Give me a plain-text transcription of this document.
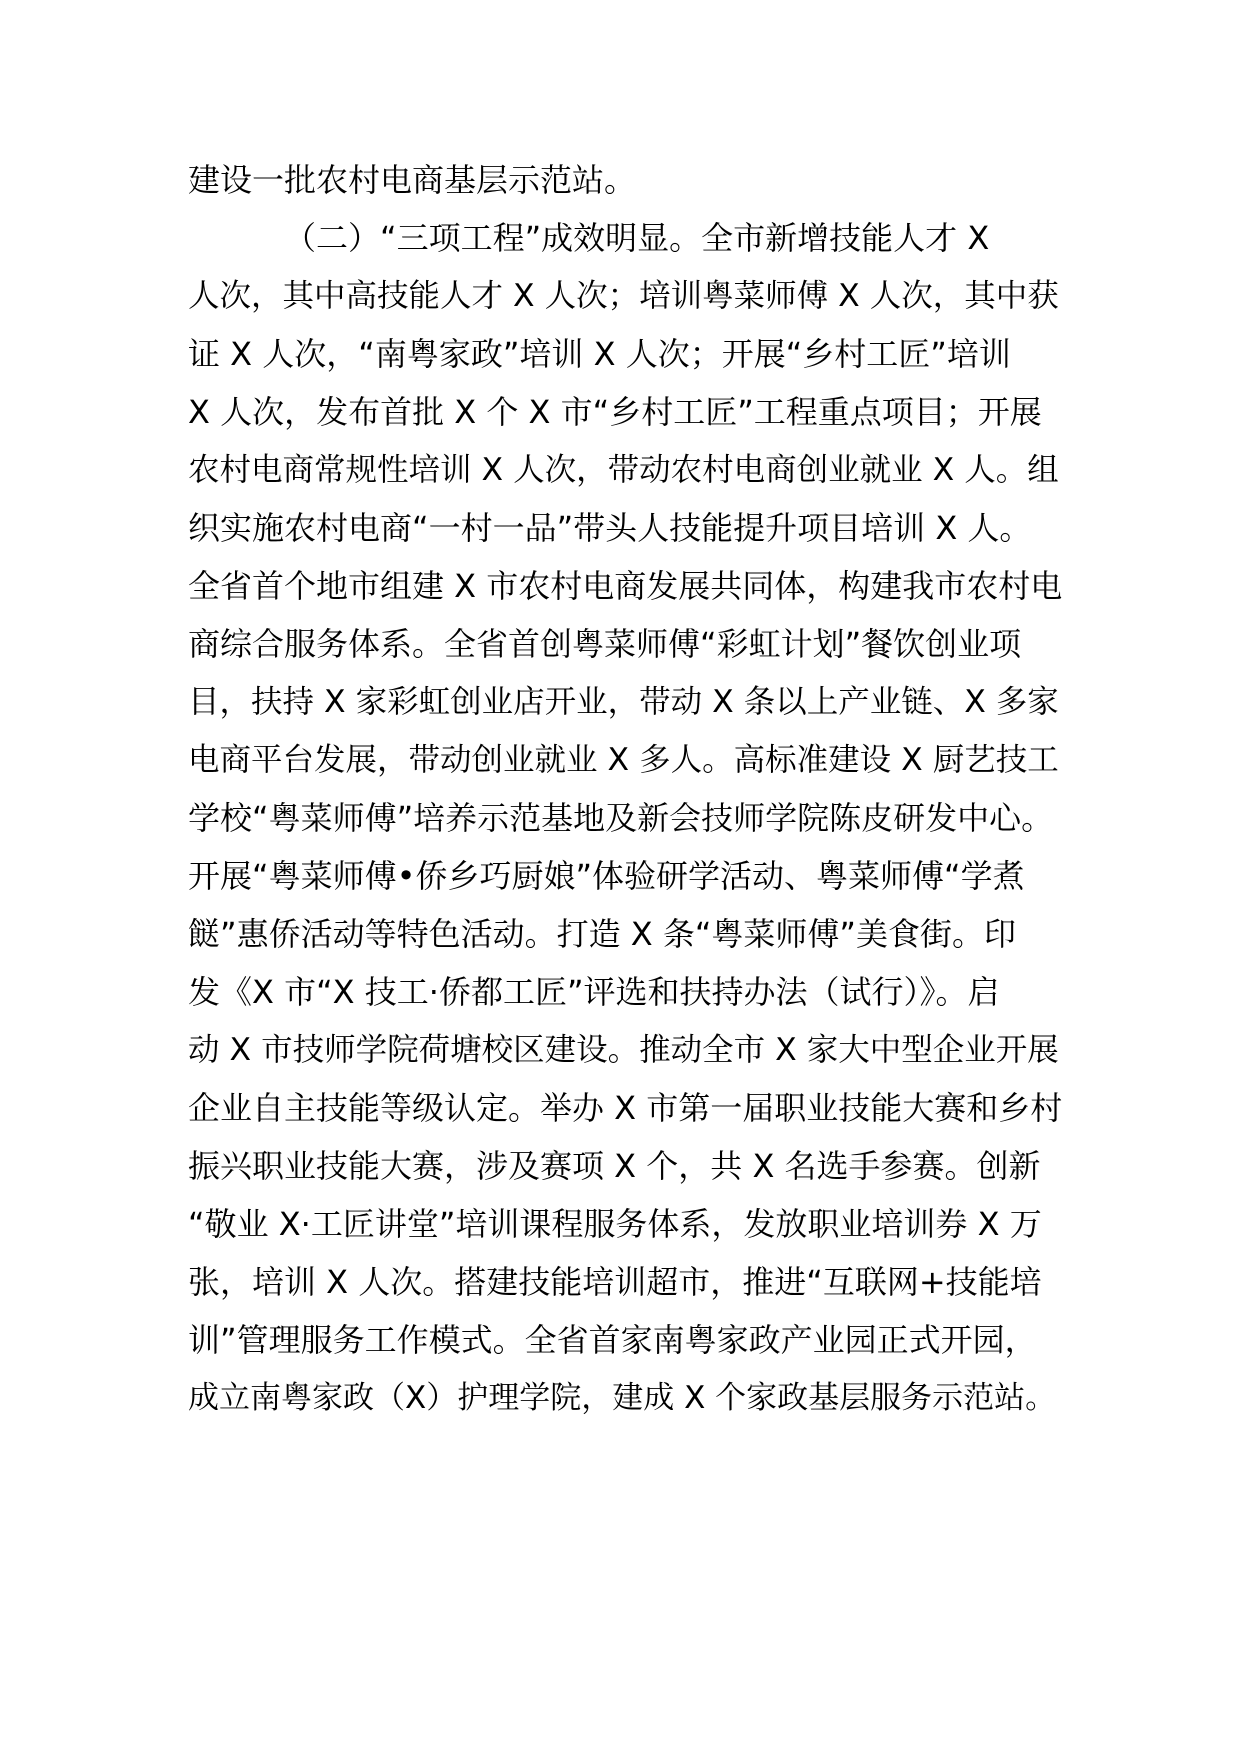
建设一批农村电商基层示范站。
（二）“三项工程”成效明显。全市新增技能人才 X
人次，其中高技能人才 X 人次；培训粤菜师傅 X 人次，其中获
证 X 人次，“南粤家政”培训 X 人次；开展“乡村工匠”培训
X 人次，发布首批 X 个 X 市“乡村工匠”工程重点项目；开展
农村电商常规性培训 X 人次，带动农村电商创业就业 X 人。组
织实施农村电商“一村一品”带头人技能提升项目培训 X 人。
全省首个地市组建 X 市农村电商发展共同体，构建我市农村电
商综合服务体系。全省首创粤菜师傅“彩虹计划”餐饮创业项
目，扶持 X 家彩虹创业店开业，带动 X 条以上产业链、X 多家
电商平台发展，带动创业就业 X 多人。高标准建设 X 厨艺技工
学校“粤菜师傅”培养示范基地及新会技师学院陈皮研发中心。
开展“粤菜师傅•侨乡巧厨娘”体验研学活动、粤菜师傅“学煮
餸”惠侨活动等特色活动。打造 X 条“粤菜师傅”美食街。印
发《X 市“X 技工·侨都工匠”评选和扶持办法（试行）》。启
动 X 市技师学院荷塘校区建设。推动全市 X 家大中型企业开展
企业自主技能等级认定。举办 X 市第一届职业技能大赛和乡村
振兴职业技能大赛，涉及赛项 X 个，共 X 名选手参赛。创新
“敬业 X·工匠讲堂”培训课程服务体系，发放职业培训券 X 万
张，培训 X 人次。搭建技能培训超市，推进“互联网+技能培
训”管理服务工作模式。全省首家南粤家政产业园正式开园，
成立南粤家政（X）护理学院，建成 X 个家政基层服务示范站。
